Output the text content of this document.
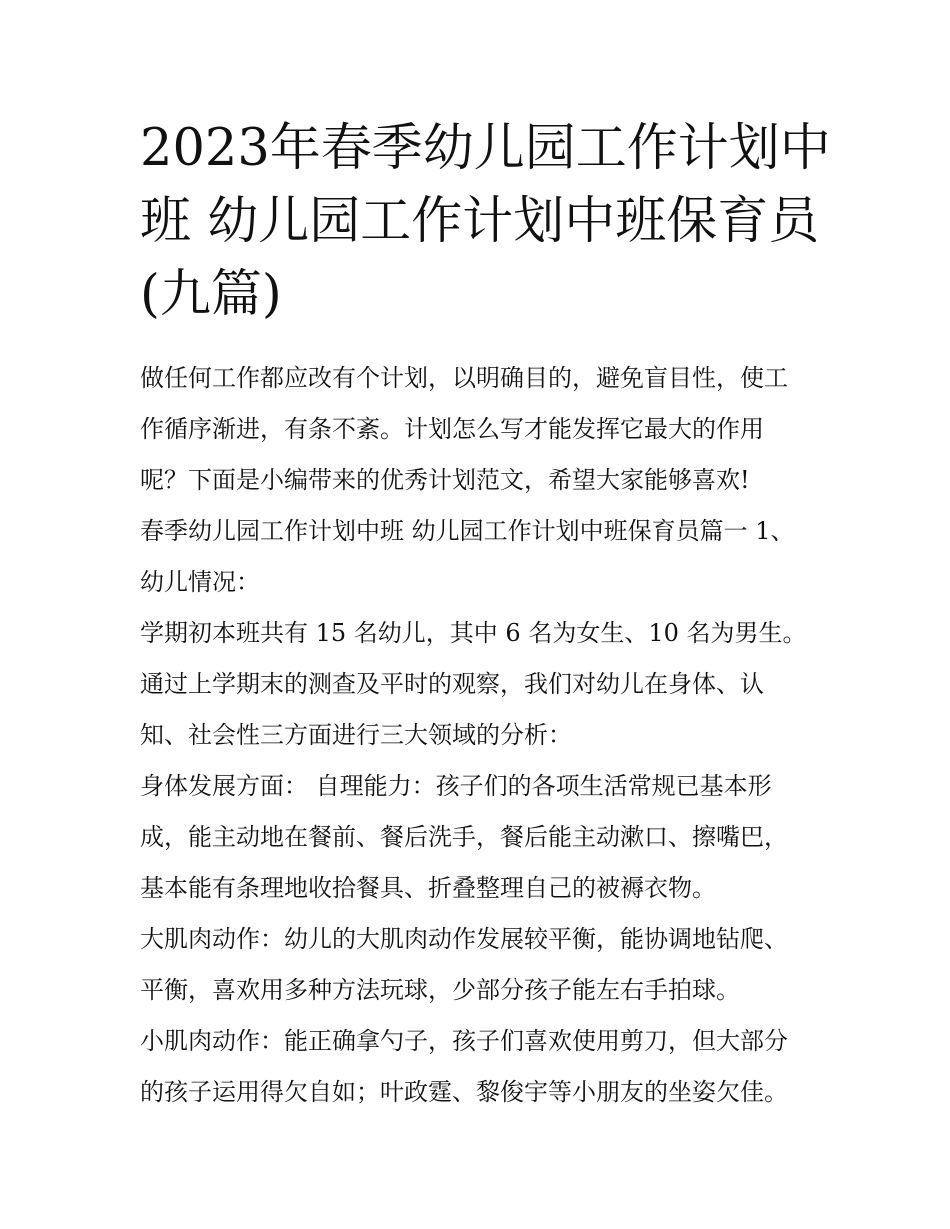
2023年春季幼儿园工作计划中
班 幼儿园工作计划中班保育员
(九篇)

做任何工作都应改有个计划，以明确目的，避免盲目性，使工
作循序渐进，有条不紊。计划怎么写才能发挥它最大的作用
呢？下面是小编带来的优秀计划范文，希望大家能够喜欢!

春季幼儿园工作计划中班 幼儿园工作计划中班保育员篇一 1、
幼儿情况：

学期初本班共有 15 名幼儿，其中 6 名为女生、10 名为男生。
通过上学期末的测查及平时的观察，我们对幼儿在身体、认
知、社会性三方面进行三大领域的分析：

身体发展方面： 自理能力：孩子们的各项生活常规已基本形
成，能主动地在餐前、餐后洗手，餐后能主动漱口、擦嘴巴，
基本能有条理地收拾餐具、折叠整理自己的被褥衣物。

大肌肉动作：幼儿的大肌肉动作发展较平衡，能协调地钻爬、
平衡，喜欢用多种方法玩球，少部分孩子能左右手拍球。

小肌肉动作：能正确拿勺子，孩子们喜欢使用剪刀，但大部分
的孩子运用得欠自如；叶政霆、黎俊宇等小朋友的坐姿欠佳。
